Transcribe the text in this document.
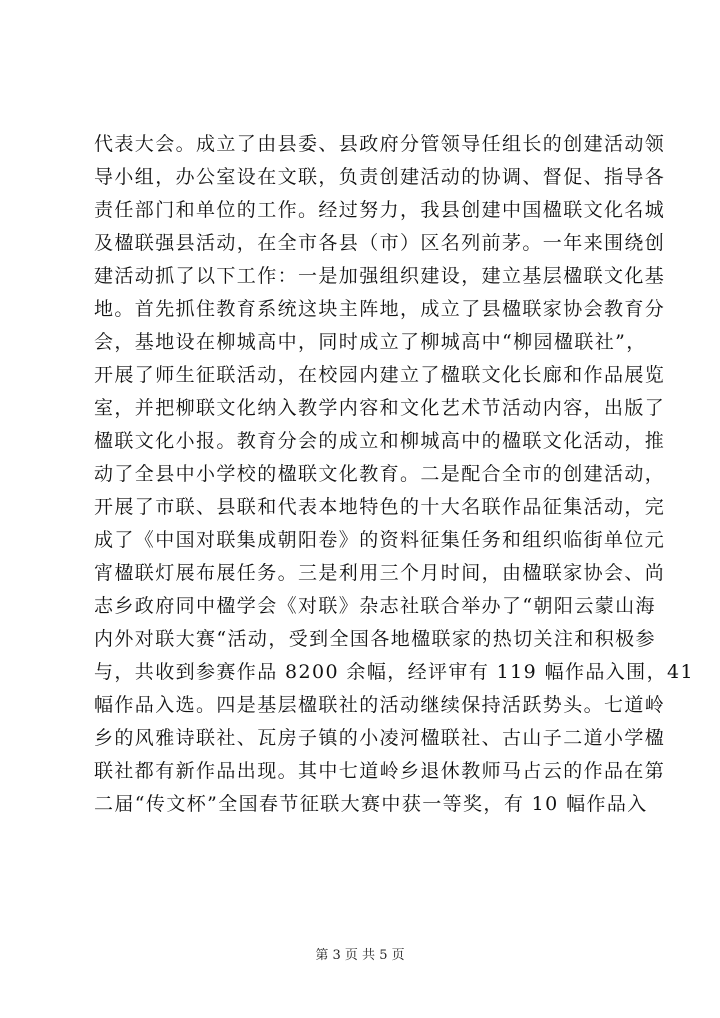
代表大会。成立了由县委、县政府分管领导任组长的创建活动领
导小组，办公室设在文联，负责创建活动的协调、督促、指导各
责任部门和单位的工作。经过努力，我县创建中国楹联文化名城
及楹联强县活动，在全市各县（市）区名列前茅。一年来围绕创
建活动抓了以下工作：一是加强组织建设，建立基层楹联文化基
地。首先抓住教育系统这块主阵地，成立了县楹联家协会教育分
会，基地设在柳城高中，同时成立了柳城高中“柳园楹联社”，
开展了师生征联活动，在校园内建立了楹联文化长廊和作品展览
室，并把柳联文化纳入教学内容和文化艺术节活动内容，出版了
楹联文化小报。教育分会的成立和柳城高中的楹联文化活动，推
动了全县中小学校的楹联文化教育。二是配合全市的创建活动，
开展了市联、县联和代表本地特色的十大名联作品征集活动，完
成了《中国对联集成朝阳卷》的资料征集任务和组织临街单位元
宵楹联灯展布展任务。三是利用三个月时间，由楹联家协会、尚
志乡政府同中楹学会《对联》杂志社联合举办了“朝阳云蒙山海
内外对联大赛“活动，受到全国各地楹联家的热切关注和积极参
与，共收到参赛作品 8200 余幅，经评审有 119 幅作品入围，41
幅作品入选。四是基层楹联社的活动继续保持活跃势头。七道岭
乡的风雅诗联社、瓦房子镇的小凌河楹联社、古山子二道小学楹
联社都有新作品出现。其中七道岭乡退休教师马占云的作品在第
二届“传文杯”全国春节征联大赛中获一等奖，有 10 幅作品入
第 3 页 共 5 页
